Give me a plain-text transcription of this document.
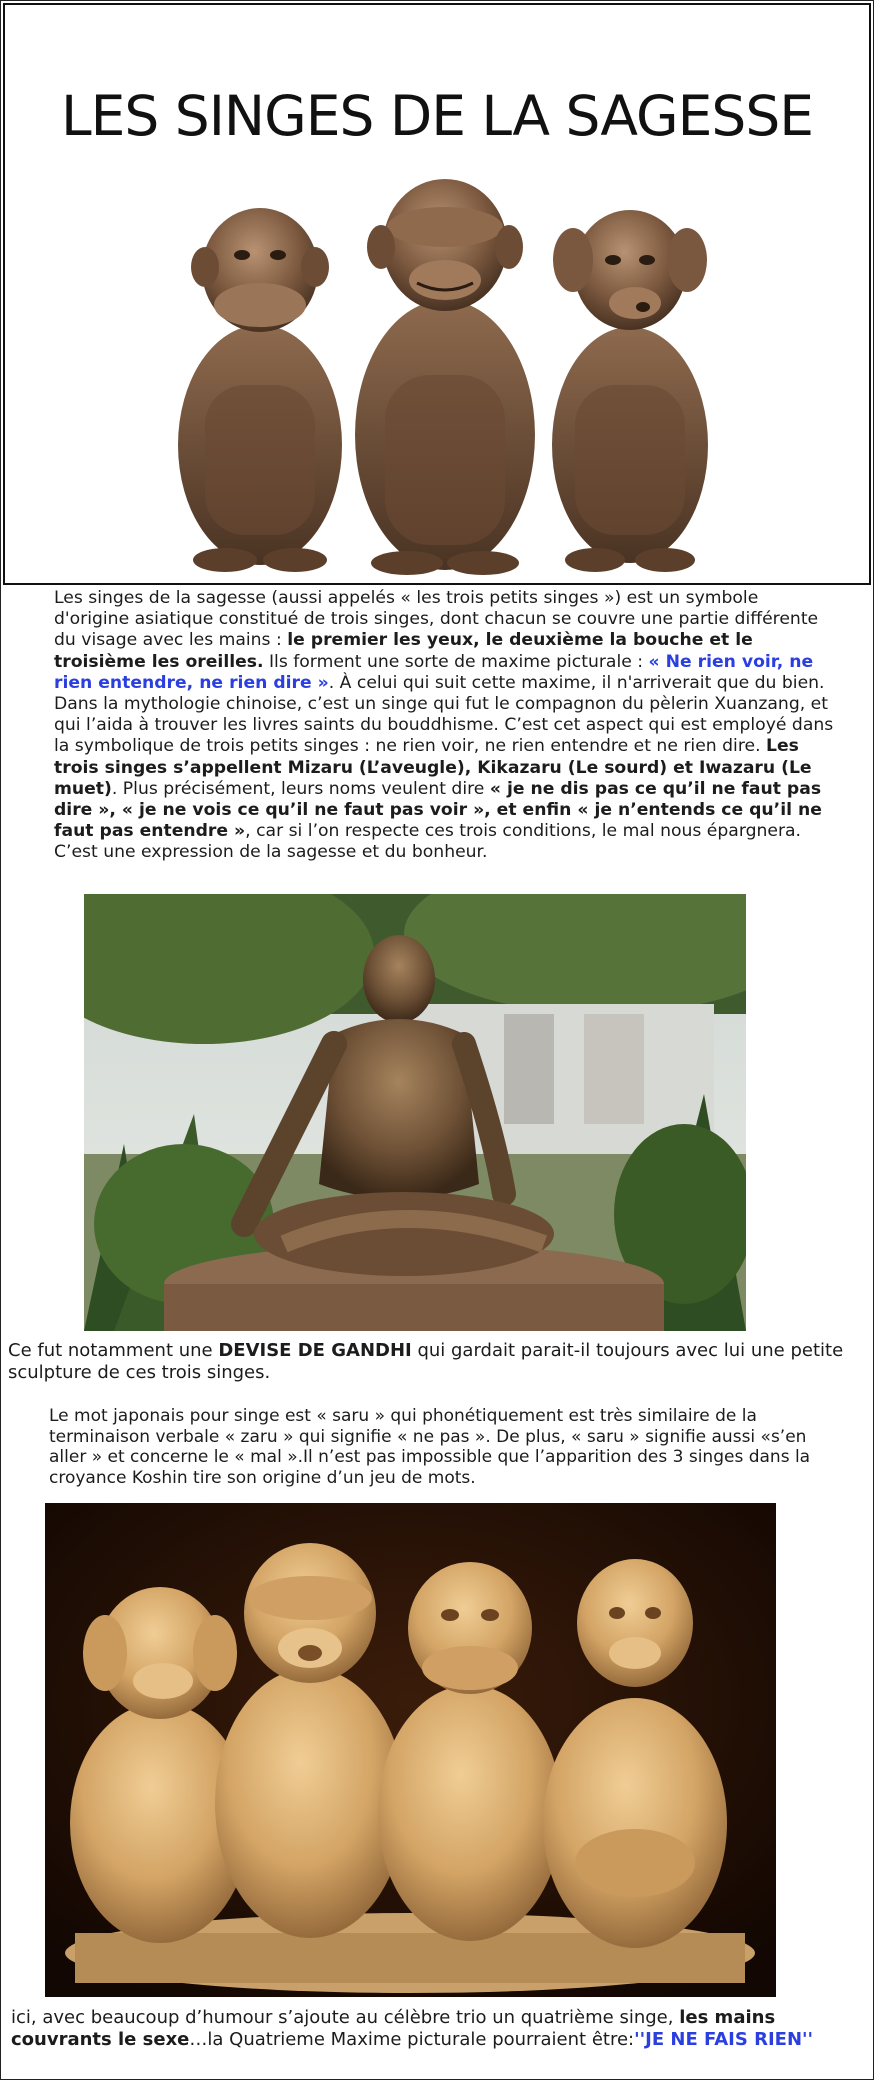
LES SINGES DE LA SAGESSE
Les singes de la sagesse (aussi appelés « les trois petits singes ») est un symbole d'origine asiatique constitué de trois singes, dont chacun se couvre une partie différente du visage avec les mains : le premier les yeux, le deuxième la bouche et le troisième les oreilles. Ils forment une sorte de maxime picturale : « Ne rien voir, ne rien entendre, ne rien dire ». À celui qui suit cette maxime, il n'arriverait que du bien. Dans la mythologie chinoise, c’est un singe qui fut le compagnon du pèlerin Xuanzang, et qui l’aida à trouver les livres saints du bouddhisme. C’est cet aspect qui est employé dans la symbolique de trois petits singes : ne rien voir, ne rien entendre et ne rien dire. Les trois singes s’appellent Mizaru (L’aveugle), Kikazaru (Le sourd) et Iwazaru (Le muet). Plus précisément, leurs noms veulent dire « je ne dis pas ce qu’il ne faut pas dire », « je ne vois ce qu’il ne faut pas voir », et enfin « je n’entends ce qu’il ne faut pas entendre », car si l’on respecte ces trois conditions, le mal nous épargnera. C’est une expression de la sagesse et du bonheur.
Ce fut notamment une DEVISE DE GANDHI qui gardait parait-il toujours avec lui une petite sculpture de ces trois singes.
Le mot japonais pour singe est « saru » qui phonétiquement est très similaire de la terminaison verbale « zaru » qui signifie « ne pas ». De plus, « saru » signifie aussi «s’en aller » et concerne le « mal ».Il n’est pas impossible que l’apparition des 3 singes dans la croyance Koshin tire son origine d’un jeu de mots.
ici, avec beaucoup d’humour s’ajoute au célèbre trio un quatrième singe, les mains couvrants le sexe…la Quatrieme Maxime picturale pourraient être:''JE NE FAIS RIEN''
